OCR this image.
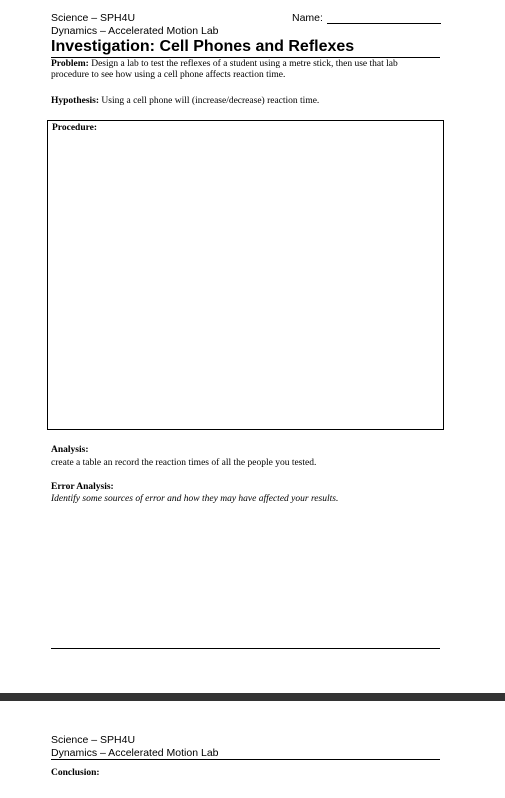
Science – SPH4U	Name:
Dynamics – Accelerated Motion Lab
Investigation: Cell Phones and Reflexes
Problem: Design a lab to test the reflexes of a student using a metre stick, then use that lab procedure to see how using a cell phone affects reaction time.
Hypothesis: Using a cell phone will (increase/decrease) reaction time.
Procedure:
Analysis:
create a table an record the reaction times of all the people you tested.
Error Analysis:
Identify some sources of error and how they may have affected your results.
Science – SPH4U
Dynamics – Accelerated Motion Lab
Conclusion:
